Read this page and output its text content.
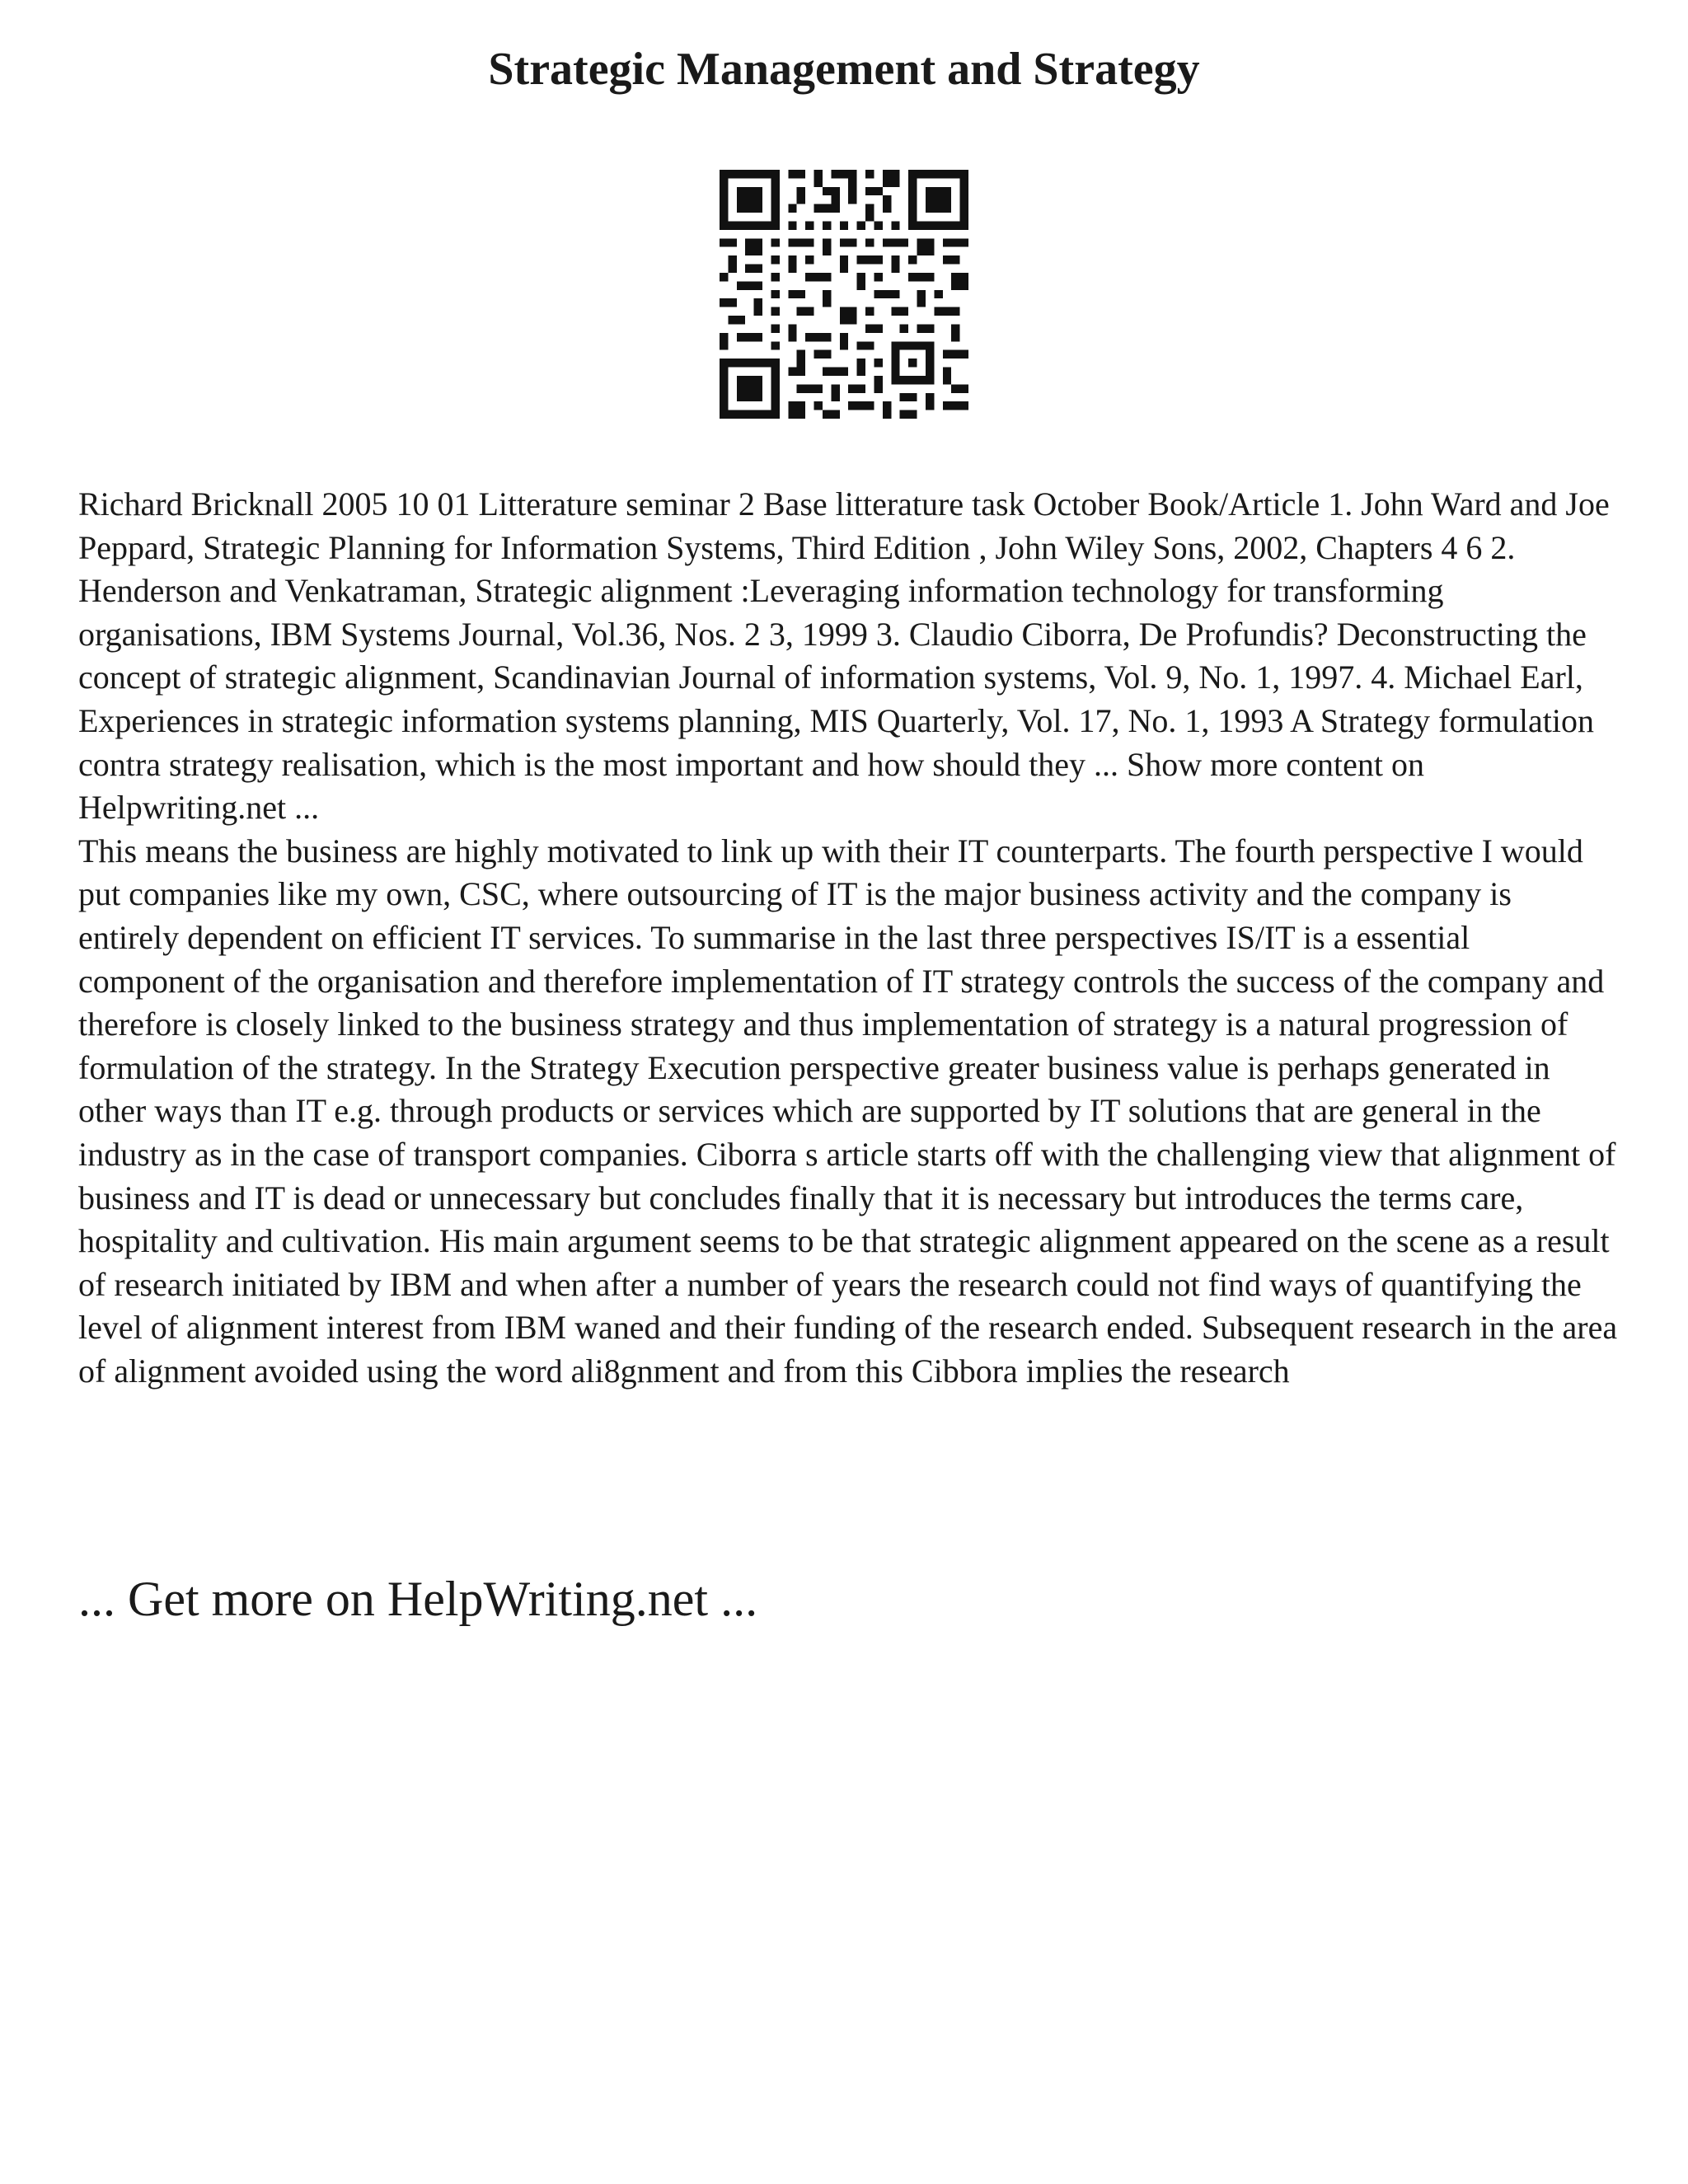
Strategic Management and Strategy

Richard Bricknall 2005 10 01 Litterature seminar 2 Base litterature task October Book/Article 1. John Ward and Joe Peppard, Strategic Planning for Information Systems, Third Edition , John Wiley Sons, 2002, Chapters 4 6 2. Henderson and Venkatraman, Strategic alignment :Leveraging information technology for transforming organisations, IBM Systems Journal, Vol.36, Nos. 2 3, 1999 3. Claudio Ciborra, De Profundis? Deconstructing the concept of strategic alignment, Scandinavian Journal of information systems, Vol. 9, No. 1, 1997. 4. Michael Earl, Experiences in strategic information systems planning, MIS Quarterly, Vol. 17, No. 1, 1993 A Strategy formulation contra strategy realisation, which is the most important and how should they ... Show more content on Helpwriting.net ...

This means the business are highly motivated to link up with their IT counterparts. The fourth perspective I would put companies like my own, CSC, where outsourcing of IT is the major business activity and the company is entirely dependent on efficient IT services. To summarise in the last three perspectives IS/IT is a essential component of the organisation and therefore implementation of IT strategy controls the success of the company and therefore is closely linked to the business strategy and thus implementation of strategy is a natural progression of formulation of the strategy. In the Strategy Execution perspective greater business value is perhaps generated in other ways than IT e.g. through products or services which are supported by IT solutions that are general in the industry as in the case of transport companies. Ciborra s article starts off with the challenging view that alignment of business and IT is dead or unnecessary but concludes finally that it is necessary but introduces the terms care, hospitality and cultivation. His main argument seems to be that strategic alignment appeared on the scene as a result of research initiated by IBM and when after a number of years the research could not find ways of quantifying the level of alignment interest from IBM waned and their funding of the research ended. Subsequent research in the area of alignment avoided using the word ali8gnment and from this Cibbora implies the research

... Get more on HelpWriting.net ...
